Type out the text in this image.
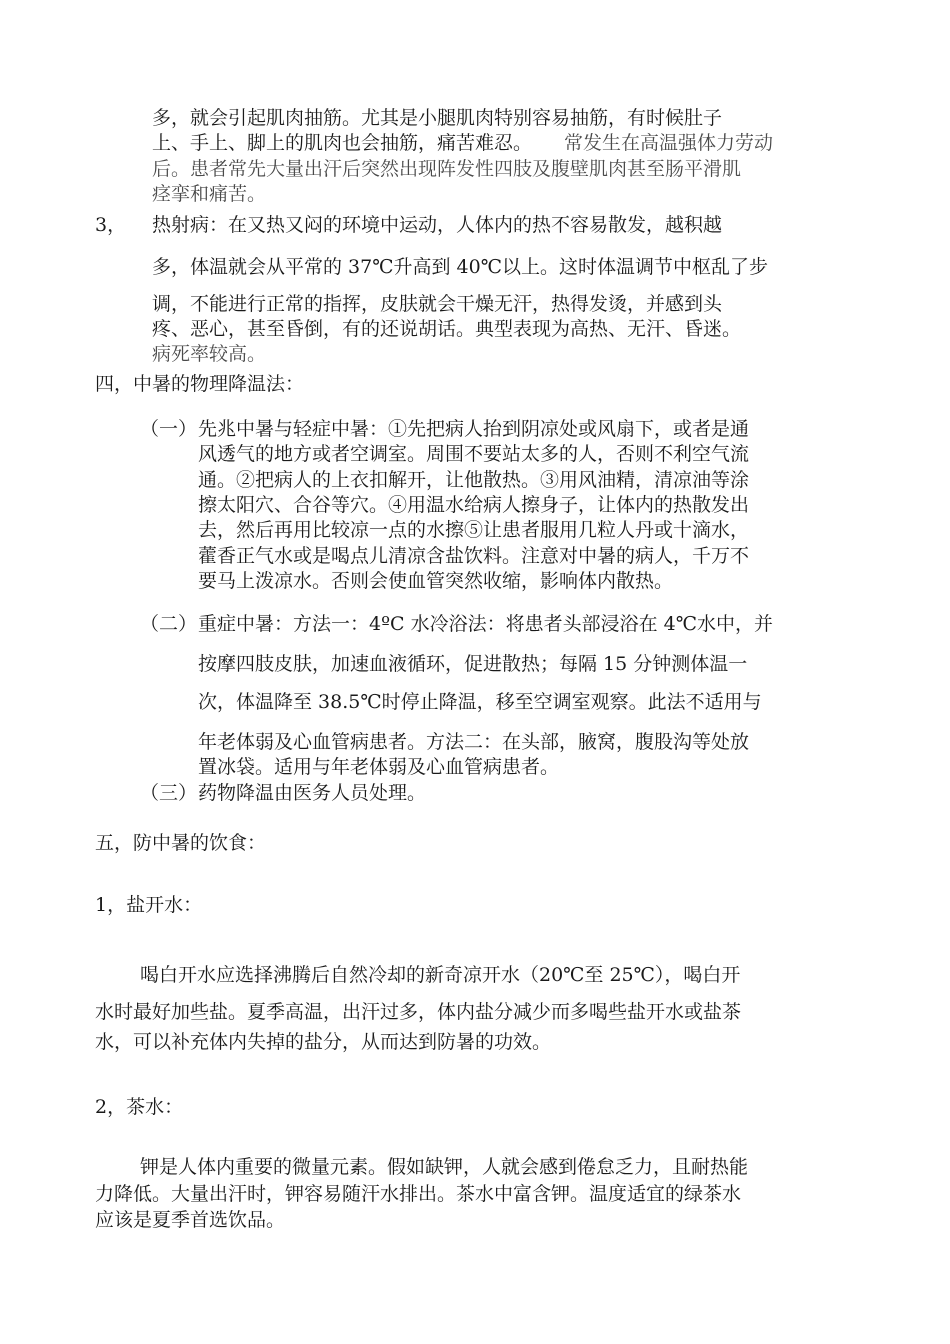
多，就会引起肌肉抽筋。尤其是小腿肌肉特别容易抽筋，有时候肚子
上、手上、脚上的肌肉也会抽筋，痛苦难忍。 常发生在高温强体力劳动
后。患者常先大量出汗后突然出现阵发性四肢及腹壁肌肉甚至肠平滑肌
痉挛和痛苦。
3， 热射病：在又热又闷的环境中运动，人体内的热不容易散发，越积越
多，体温就会从平常的 37℃升高到 40℃以上。这时体温调节中枢乱了步
调，不能进行正常的指挥，皮肤就会干燥无汗，热得发烫，并感到头
疼、恶心，甚至昏倒，有的还说胡话。典型表现为高热、无汗、昏迷。
病死率较高。
四，中暑的物理降温法：
（一） 先兆中暑与轻症中暑：①先把病人抬到阴凉处或风扇下，或者是通
风透气的地方或者空调室。周围不要站太多的人，否则不利空气流
通。②把病人的上衣扣解开，让他散热。③用风油精，清凉油等涂
擦太阳穴、合谷等穴。④用温水给病人擦身子，让体内的热散发出
去，然后再用比较凉一点的水擦⑤让患者服用几粒人丹或十滴水，
藿香正气水或是喝点儿清凉含盐饮料。注意对中暑的病人，千万不
要马上泼凉水。否则会使血管突然收缩，影响体内散热。
（二） 重症中暑：方法一：4ºC 水冷浴法：将患者头部浸浴在 4℃水中，并
按摩四肢皮肤，加速血液循环，促进散热；每隔 15 分钟测体温一
次，体温降至 38.5℃时停止降温，移至空调室观察。此法不适用与
年老体弱及心血管病患者。方法二：在头部，腋窝，腹股沟等处放
置冰袋。适用与年老体弱及心血管病患者。
（三） 药物降温由医务人员处理。
五，防中暑的饮食：
1，盐开水：
喝白开水应选择沸腾后自然冷却的新奇凉开水（20℃至 25℃），喝白开
水时最好加些盐。夏季高温，出汗过多，体内盐分减少而多喝些盐开水或盐茶
水，可以补充体内失掉的盐分，从而达到防暑的功效。
2，茶水：
钾是人体内重要的微量元素。假如缺钾，人就会感到倦怠乏力，且耐热能
力降低。大量出汗时，钾容易随汗水排出。茶水中富含钾。温度适宜的绿茶水
应该是夏季首选饮品。
